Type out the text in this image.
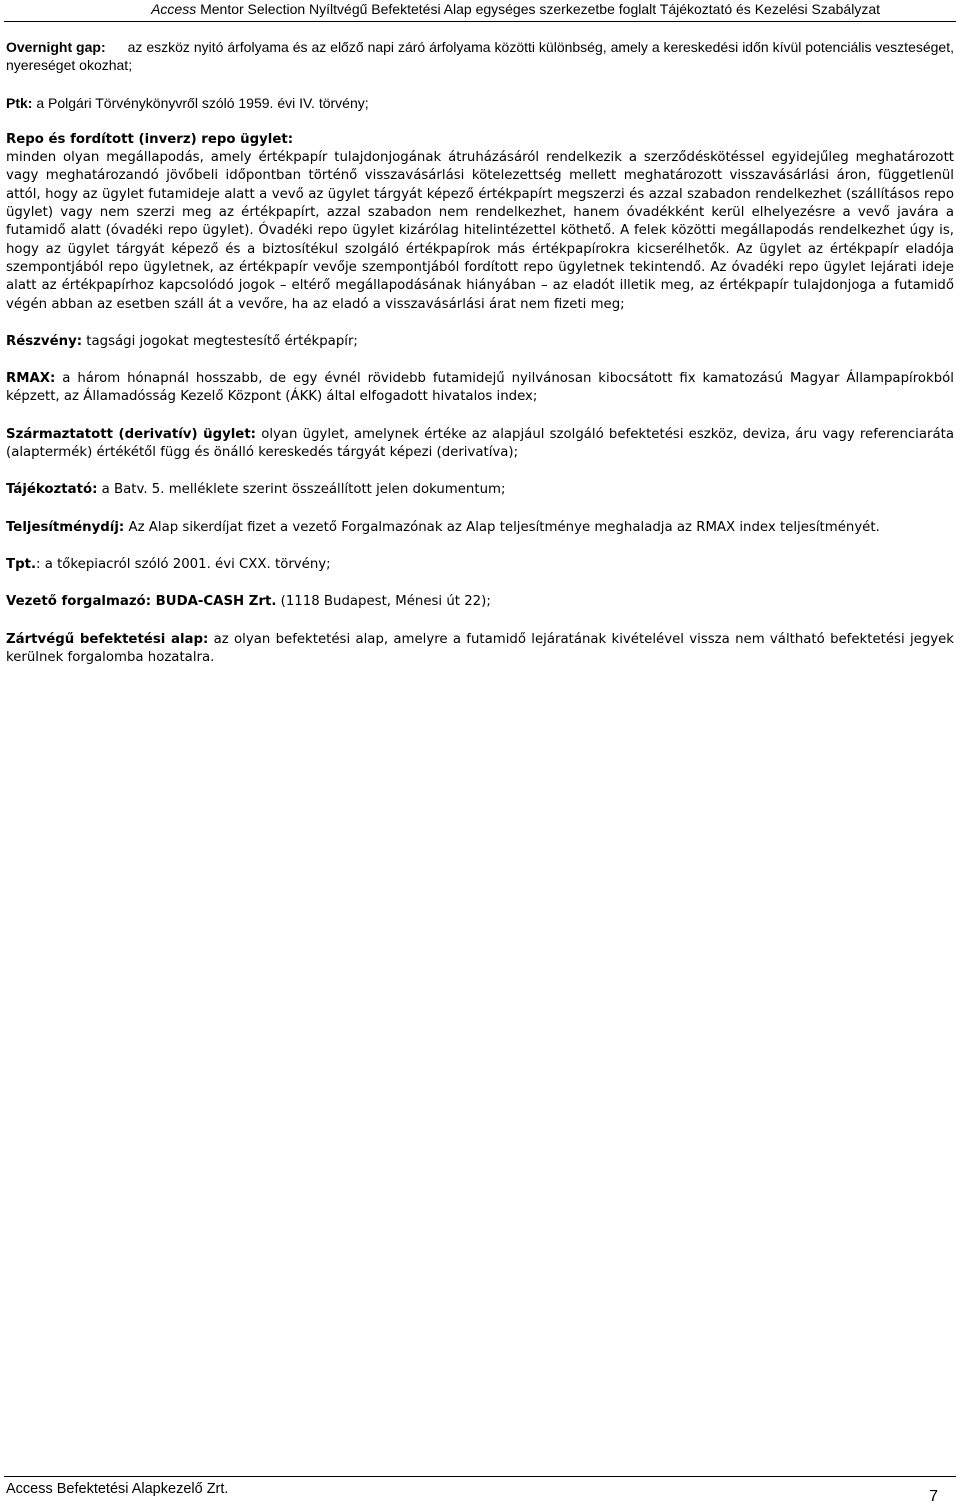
Access Mentor Selection Nyíltvégű Befektetési Alap egységes szerkezetbe foglalt Tájékoztató és Kezelési Szabályzat

Overnight gap: az eszköz nyitó árfolyama és az előző napi záró árfolyama közötti különbség, amely a kereskedési időn kívül potenciális veszteséget, nyereséget okozhat;

Ptk: a Polgári Törvénykönyvről szóló 1959. évi IV. törvény;

Repo és fordított (inverz) repo ügylet:
minden olyan megállapodás, amely értékpapír tulajdonjogának átruházásáról rendelkezik a szerződéskötéssel egyidejűleg meghatározott vagy meghatározandó jövőbeli időpontban történő visszavásárlási kötelezettség mellett meghatározott visszavásárlási áron, függetlenül attól, hogy az ügylet futamideje alatt a vevő az ügylet tárgyát képező értékpapírt megszerzi és azzal szabadon rendelkezhet (szállításos repo ügylet) vagy nem szerzi meg az értékpapírt, azzal szabadon nem rendelkezhet, hanem óvadékként kerül elhelyezésre a vevő javára a futamidő alatt (óvadéki repo ügylet). Óvadéki repo ügylet kizárólag hitelintézettel köthető. A felek közötti megállapodás rendelkezhet úgy is, hogy az ügylet tárgyát képező és a biztosítékul szolgáló értékpapírok más értékpapírokra kicserélhetők. Az ügylet az értékpapír eladója szempontjából repo ügyletnek, az értékpapír vevője szempontjából fordított repo ügyletnek tekintendő. Az óvadéki repo ügylet lejárati ideje alatt az értékpapírhoz kapcsolódó jogok – eltérő megállapodásának hiányában – az eladót illetik meg, az értékpapír tulajdonjoga a futamidő végén abban az esetben száll át a vevőre, ha az eladó a visszavásárlási árat nem fizeti meg;

Részvény: tagsági jogokat megtestesítő értékpapír;

RMAX: a három hónapnál hosszabb, de egy évnél rövidebb futamidejű nyilvánosan kibocsátott fix kamatozású Magyar Állampapírokból képzett, az Államadósság Kezelő Központ (ÁKK) által elfogadott hivatalos index;

Származtatott (derivatív) ügylet: olyan ügylet, amelynek értéke az alapjául szolgáló befektetési eszköz, deviza, áru vagy referenciaráta (alaptermék) értékétől függ és önálló kereskedés tárgyát képezi (derivatíva);

Tájékoztató: a Batv. 5. melléklete szerint összeállított jelen dokumentum;

Teljesítménydíj: Az Alap sikerdíjat fizet a vezető Forgalmazónak az Alap teljesítménye meghaladja az RMAX index teljesítményét.

Tpt.: a tőkepiacról szóló 2001. évi CXX. törvény;

Vezető forgalmazó: BUDA-CASH Zrt. (1118 Budapest, Ménesi út 22);

Zártvégű befektetési alap: az olyan befektetési alap, amelyre a futamidő lejáratának kivételével vissza nem váltható befektetési jegyek kerülnek forgalomba hozatalra.

Access Befektetési Alapkezelő Zrt.	7
